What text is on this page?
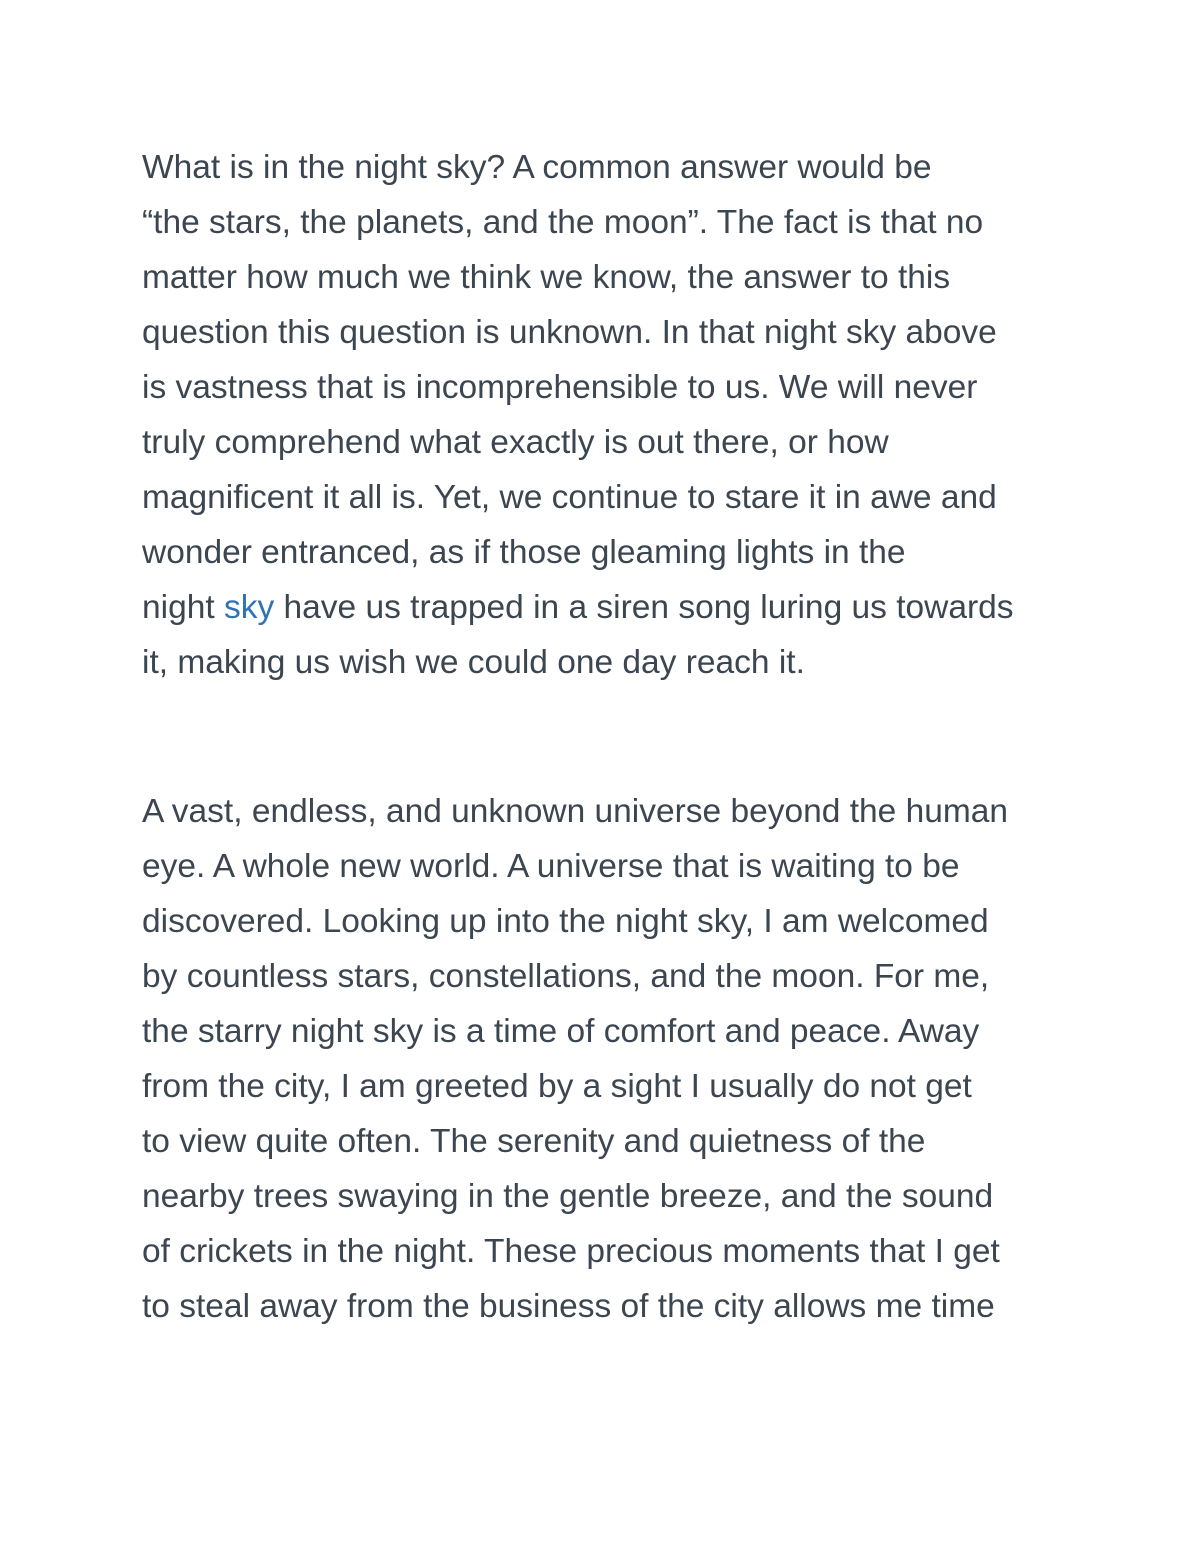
What is in the night sky? A common answer would be
“the stars, the planets, and the moon”. The fact is that no
matter how much we think we know, the answer to this
question this question is unknown. In that night sky above
is vastness that is incomprehensible to us. We will never
truly comprehend what exactly is out there, or how
magnificent it all is. Yet, we continue to stare it in awe and
wonder entranced, as if those gleaming lights in the
night sky have us trapped in a siren song luring us towards
it, making us wish we could one day reach it.
A vast, endless, and unknown universe beyond the human
eye. A whole new world. A universe that is waiting to be
discovered. Looking up into the night sky, I am welcomed
by countless stars, constellations, and the moon. For me,
the starry night sky is a time of comfort and peace. Away
from the city, I am greeted by a sight I usually do not get
to view quite often. The serenity and quietness of the
nearby trees swaying in the gentle breeze, and the sound
of crickets in the night. These precious moments that I get
to steal away from the business of the city allows me time
